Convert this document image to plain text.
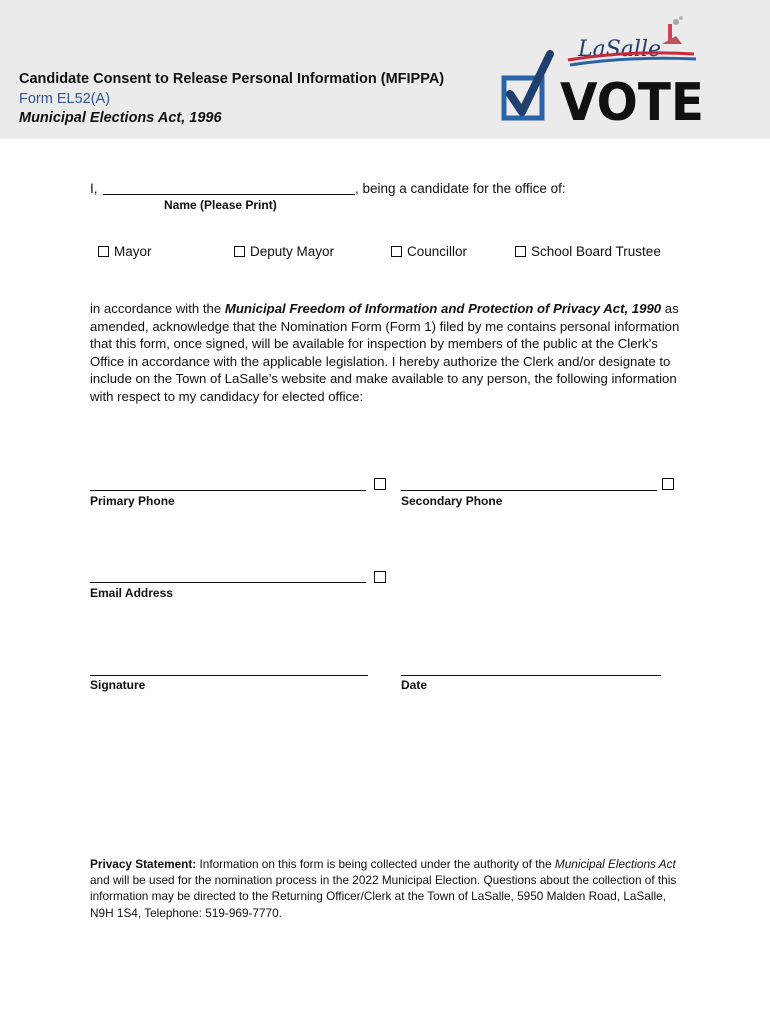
Candidate Consent to Release Personal Information (MFIPPA)
Form EL52(A)
Municipal Elections Act, 1996
LaSalle
VOTE
I,	, being a candidate for the office of:
Name (Please Print)
Mayor	Deputy Mayor	Councillor	School Board Trustee
in accordance with the Municipal Freedom of Information and Protection of Privacy Act, 1990 as amended, acknowledge that the Nomination Form (Form 1) filed by me contains personal information that this form, once signed, will be available for inspection by members of the public at the Clerk’s Office in accordance with the applicable legislation. I hereby authorize the Clerk and/or designate to include on the Town of LaSalle’s website and make available to any person, the following information with respect to my candidacy for elected office:
Primary Phone	Secondary Phone
Email Address
Signature	Date
Privacy Statement: Information on this form is being collected under the authority of the Municipal Elections Act and will be used for the nomination process in the 2022 Municipal Election. Questions about the collection of this information may be directed to the Returning Officer/Clerk at the Town of LaSalle, 5950 Malden Road, LaSalle, N9H 1S4, Telephone: 519-969-7770.
